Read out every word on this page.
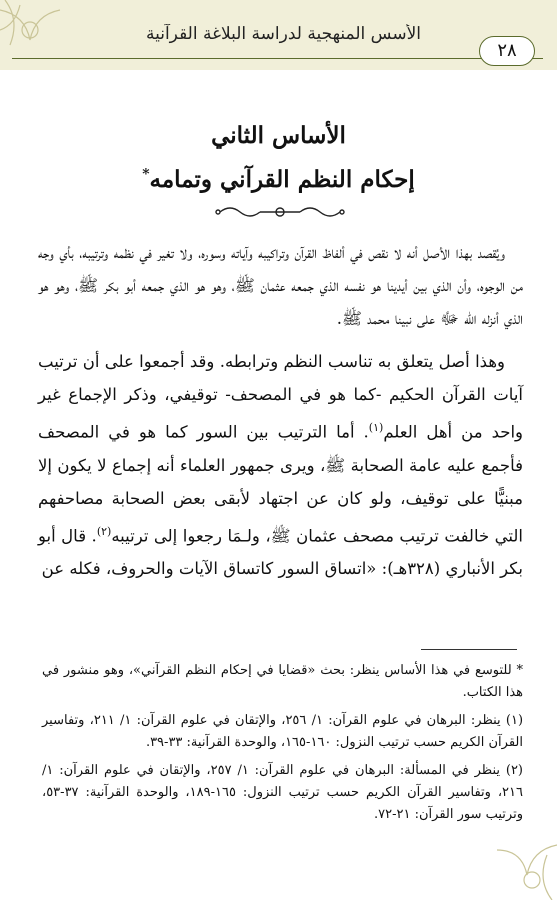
الأسس المنهجية لدراسة البلاغة القرآنية
٢٨
الأساس الثاني
إحكام النظم القرآني وتمامه*

ويُقصد بهذا الأصل أنه لا نقص في ألفاظ القرآن وتراكيبه وآياته وسوره، ولا تغير في نظمه وترتيبه، بأي وجه من الوجوه، وأن الذي بين أيدينا هو نفسه الذي جمعه عثمان ﷺ، وهو هو الذي جمعه أبو بكر ﷺ، وهو هو الذي أنزله الله ﷻ على نبينا محمد ﷺ.

وهذا أصل يتعلق به تناسب النظم وترابطه. وقد أجمعوا على أن ترتيب آيات القرآن الحكيم -كما هو في المصحف- توقيفي، وذكر الإجماع غير واحد من أهل العلم$^{(١)}$. أما الترتيب بين السور كما هو في المصحف فأجمع عليه عامة الصحابة ﷺ، ويرى جمهور العلماء أنه إجماع لا يكون إلا مبنيًّا على توقيف، ولو كان عن اجتهاد لأبقى بعض الصحابة مصاحفهم التي خالفت ترتيب مصحف عثمان ﷺ، ولـمَا رجعوا إلى ترتيبه$^{(٢)}$. قال أبو بكر الأنباري (٣٢٨هـ): «اتساق السور كاتساق الآيات والحروف، فكله عن

* للتوسع في هذا الأساس ينظر: بحث «قضايا في إحكام النظم القرآني»، وهو منشور في هذا الكتاب.

(١) ينظر: البرهان في علوم القرآن: ١/ ٢٥٦، والإتقان في علوم القرآن: ١/ ٢١١، وتفاسير القرآن الكريم حسب ترتيب النزول: ١٦٠-١٦٥، والوحدة القرآنية: ٣٣-٣٩.

(٢) ينظر في المسألة: البرهان في علوم القرآن: ١/ ٢٥٧، والإتقان في علوم القرآن: ١/ ٢١٦، وتفاسير القرآن الكريم حسب ترتيب النزول: ١٦٥-١٨٩، والوحدة القرآنية: ٣٧-٥٣، وترتيب سور القرآن: ٢١-٧٢.
